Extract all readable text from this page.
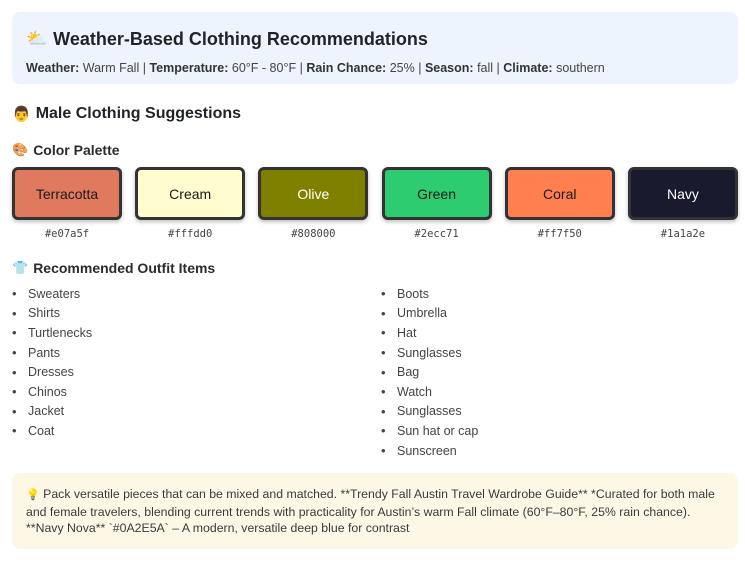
⛅ Weather-Based Clothing Recommendations
Weather: Warm Fall | Temperature: 60°F - 80°F | Rain Chance: 25% | Season: fall | Climate: southern
👨 Male Clothing Suggestions
🎨 Color Palette
Terracotta
#e07a5f
Cream
#fffdd0
Olive
#808000
Green
#2ecc71
Coral
#ff7f50
Navy
#1a1a2e
👕 Recommended Outfit Items
• Sweaters
• Shirts
• Turtlenecks
• Pants
• Dresses
• Chinos
• Jacket
• Coat
• Boots
• Umbrella
• Hat
• Sunglasses
• Bag
• Watch
• Sunglasses
• Sun hat or cap
• Sunscreen
💡 Pack versatile pieces that can be mixed and matched. **Trendy Fall Austin Travel Wardrobe Guide** *Curated for both male and female travelers, blending current trends with practicality for Austin’s warm Fall climate (60°F–80°F, 25% rain chance). **Navy Nova** `#0A2E5A` – A modern, versatile deep blue for contrast
